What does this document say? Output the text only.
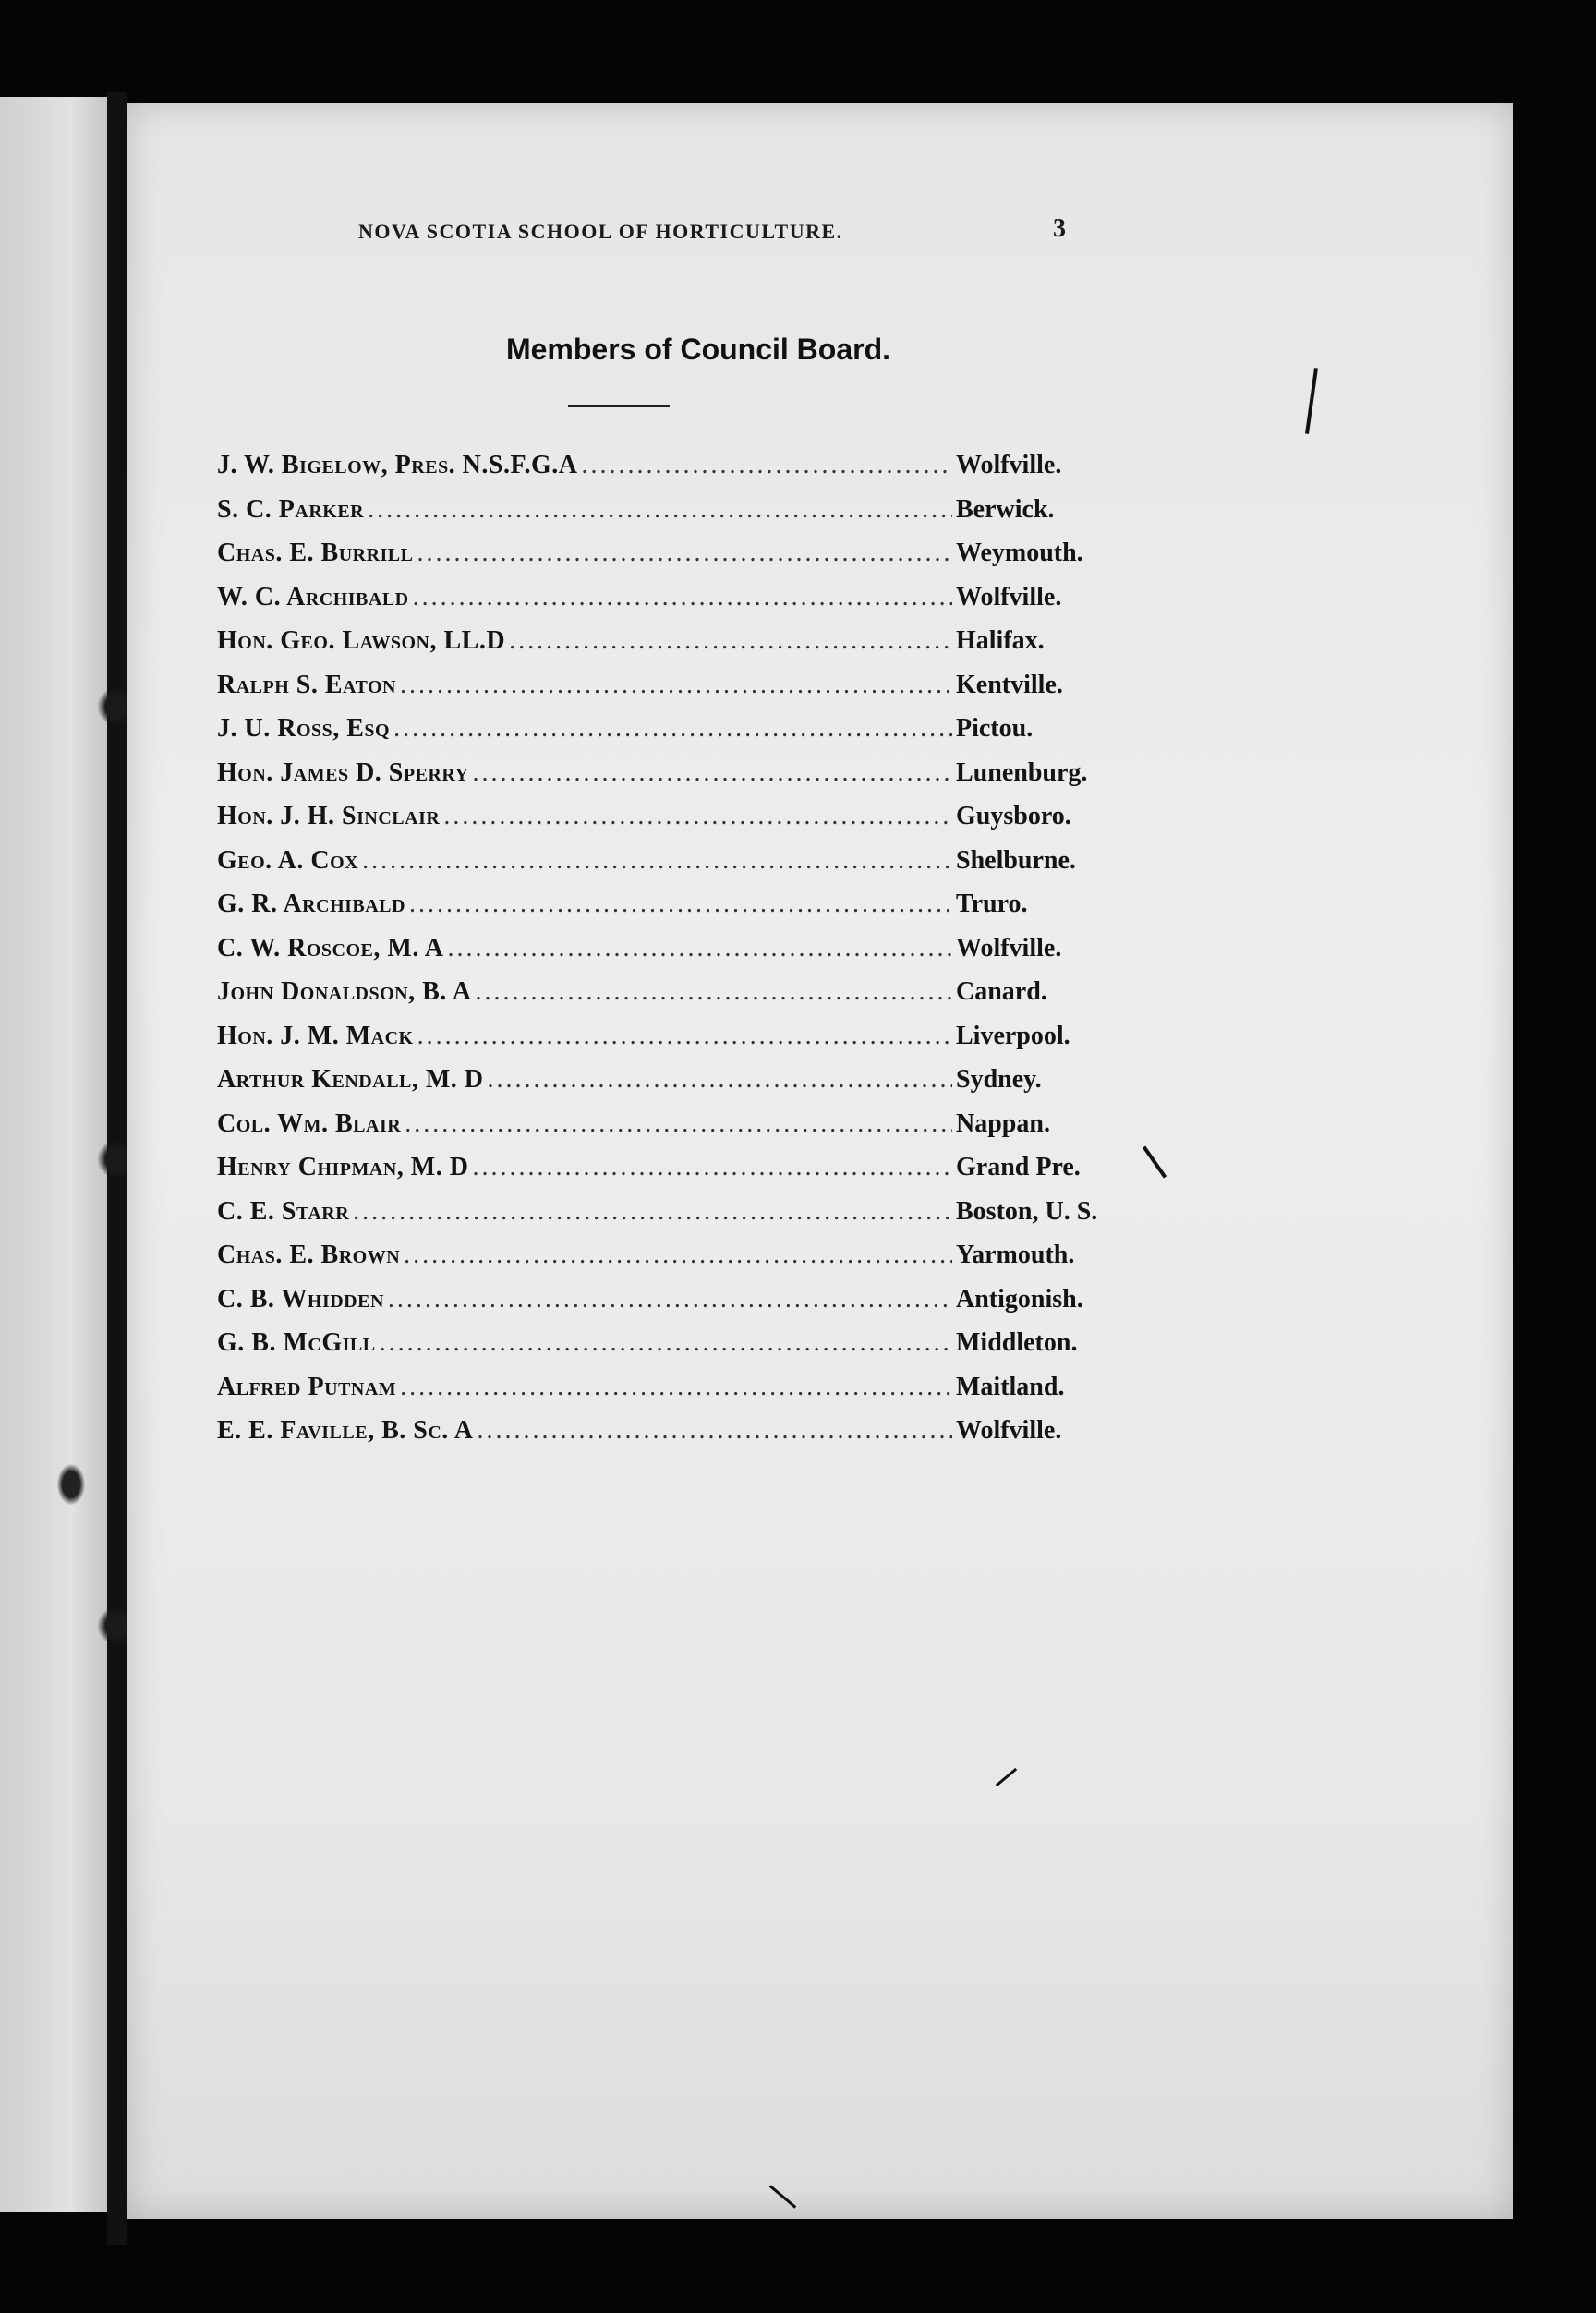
NOVA SCOTIA SCHOOL OF HORTICULTURE.	3
Members of Council Board.
J. W. Bigelow, Pres. N.S.F.G.A .....	Wolfville.
S. C. Parker .....	Berwick.
Chas. E. Burrill .....	Weymouth.
W. C. Archibald .....	Wolfville.
Hon. Geo. Lawson, LL.D .....	Halifax.
Ralph S. Eaton .....	Kentville.
J. U. Ross, Esq .....	Pictou.
Hon. James D. Sperry .....	Lunenburg.
Hon. J. H. Sinclair .....	Guysboro.
Geo. A. Cox .....	Shelburne.
G. R. Archibald .....	Truro.
C. W. Roscoe, M. A .....	Wolfville.
John Donaldson, B. A .....	Canard.
Hon. J. M. Mack .....	Liverpool.
Arthur Kendall, M. D .....	Sydney.
Col. Wm. Blair .....	Nappan.
Henry Chipman, M. D .....	Grand Pre.
C. E. Starr .....	Boston, U. S.
Chas. E. Brown .....	Yarmouth.
C. B. Whidden .....	Antigonish.
G. B. McGill .....	Middleton.
Alfred Putnam .....	Maitland.
E. E. Faville, B. Sc. A .....	Wolfville.
